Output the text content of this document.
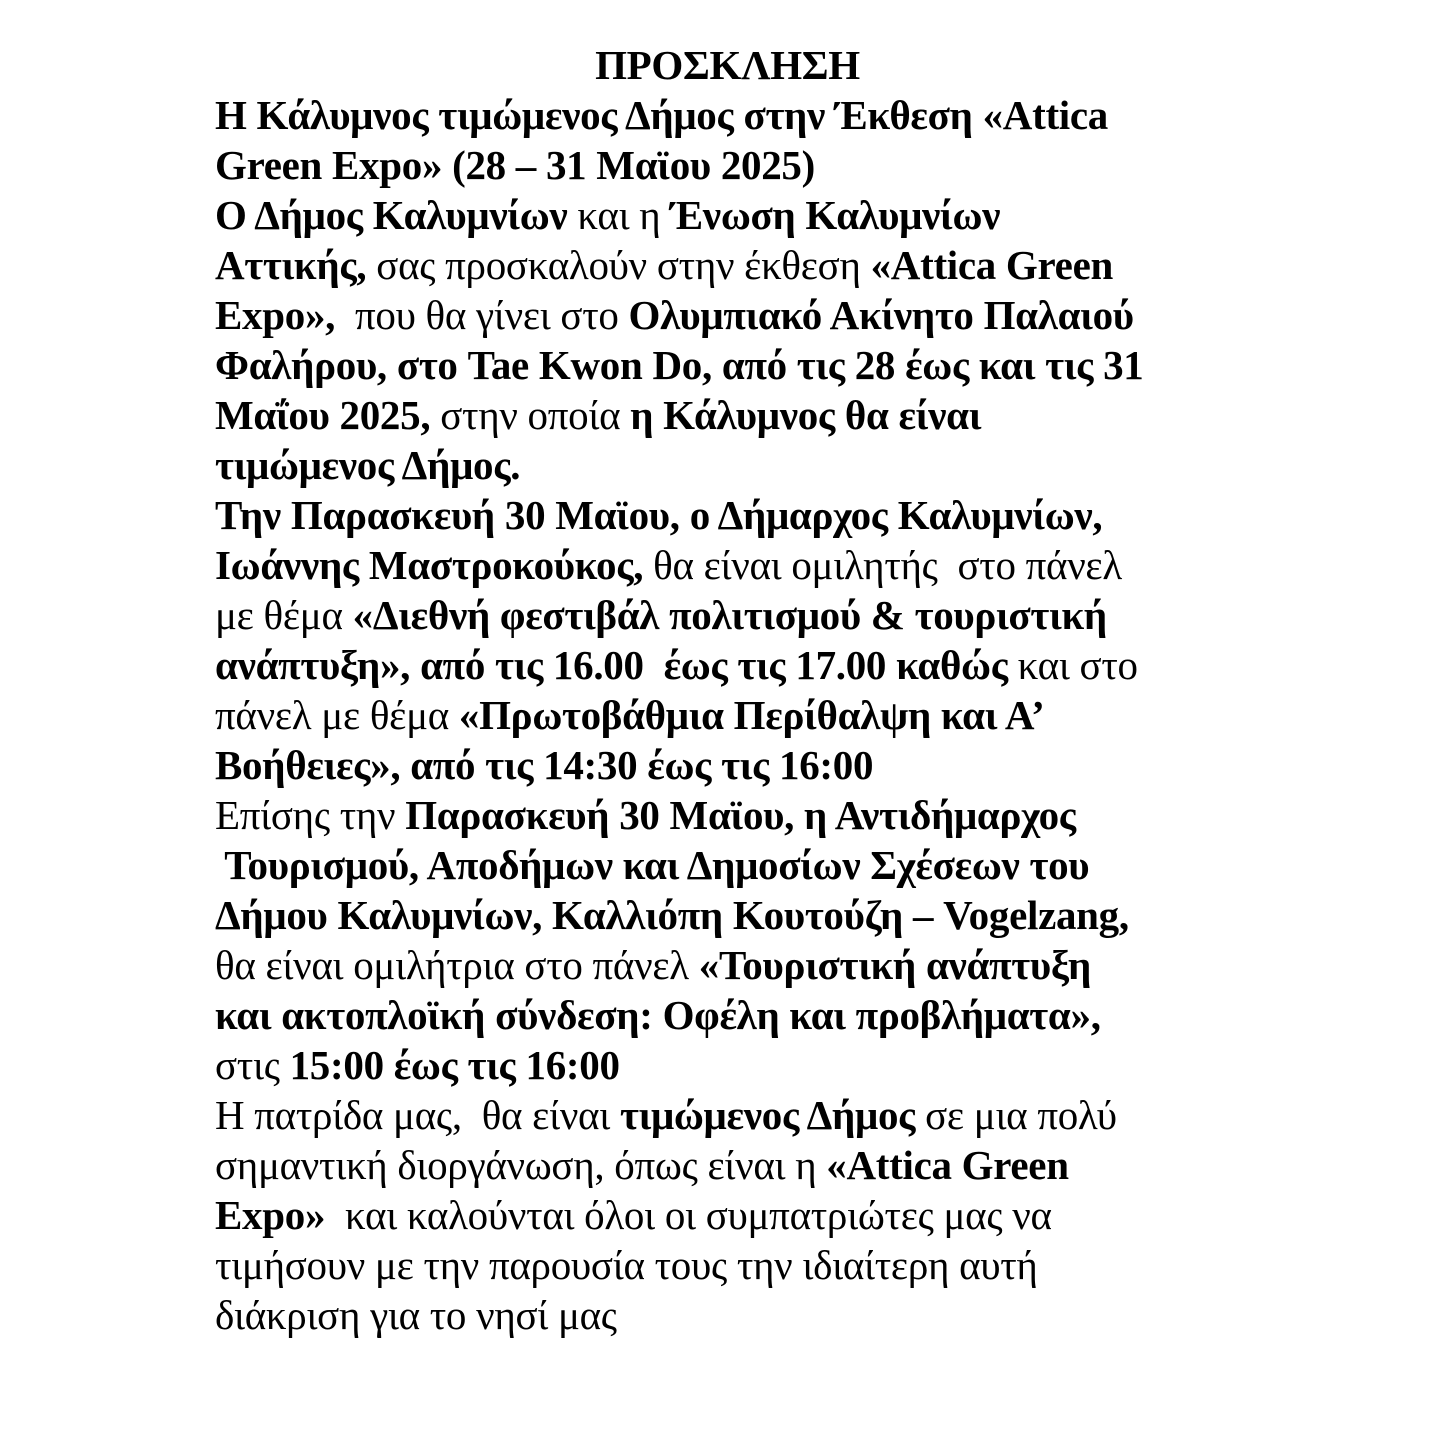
ΠΡΟΣΚΛΗΣΗ
Η Κάλυμνος τιμώμενος Δήμος στην Έκθεση «Attica
Green Expo» (28 – 31 Μαϊου 2025)
Ο Δήμος Καλυμνίων και η Ένωση Καλυμνίων
Αττικής, σας προσκαλούν στην έκθεση «Attica Green
Expo»,  που θα γίνει στο Ολυμπιακό Ακίνητο Παλαιού
Φαλήρου, στο Tae Kwon Do, από τις 28 έως και τις 31
Μαΐου 2025, στην οποία η Κάλυμνος θα είναι
τιμώμενος Δήμος.
Την Παρασκευή 30 Μαϊου, ο Δήμαρχος Καλυμνίων,
Ιωάννης Μαστροκούκος, θα είναι ομιλητής  στο πάνελ
με θέμα «Διεθνή φεστιβάλ πολιτισμού & τουριστική
ανάπτυξη», από τις 16.00  έως τις 17.00 καθώς και στο
πάνελ με θέμα «Πρωτοβάθμια Περίθαλψη και Α’
Βοήθειες», από τις 14:30 έως τις 16:00
Επίσης την Παρασκευή 30 Μαϊου, η Αντιδήμαρχος
Τουρισμού, Αποδήμων και Δημοσίων Σχέσεων του
Δήμου Καλυμνίων, Καλλιόπη Κουτούζη – Vogelzang,
θα είναι ομιλήτρια στο πάνελ «Τουριστική ανάπτυξη
και ακτοπλοϊκή σύνδεση: Οφέλη και προβλήματα»,
στις 15:00 έως τις 16:00
Η πατρίδα μας,  θα είναι τιμώμενος Δήμος σε μια πολύ
σημαντική διοργάνωση, όπως είναι η «Attica Green
Expo»  και καλούνται όλοι οι συμπατριώτες μας να
τιμήσουν με την παρουσία τους την ιδιαίτερη αυτή
διάκριση για το νησί μας
